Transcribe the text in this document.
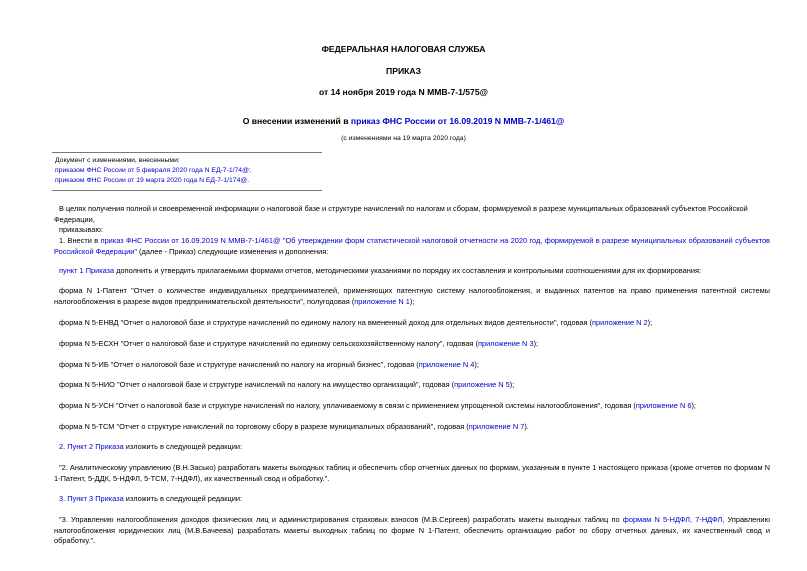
ФЕДЕРАЛЬНАЯ НАЛОГОВАЯ СЛУЖБА
ПРИКАЗ
от 14 ноября 2019 года N ММВ-7-1/575@
О внесении изменений в приказ ФНС России от 16.09.2019 N ММВ-7-1/461@
(с изменениями на 19 марта 2020 года)
Документ с изменениями, внесенными:
приказом ФНС России от 5 февраля 2020 года N ЕД-7-1/74@;
приказом ФНС России от 19 марта 2020 года N ЕД-7-1/174@.
В целях получения полной и своевременной информации о налоговой базе и структуре начислений по налогам и сборам, формируемой в разрезе муниципальных образований субъектов Российской Федерации,
приказываю:
1. Внести в приказ ФНС России от 16.09.2019 N ММВ-7-1/461@ "Об утверждении форм статистической налоговой отчетности на 2020 год, формируемой в разрезе муниципальных образований субъектов Российской Федерации" (далее - Приказ) следующие изменения и дополнения:
пункт 1 Приказа дополнить и утвердить прилагаемыми формами отчетов, методическими указаниями по порядку их составления и контрольными соотношениями для их формирования:
форма N 1-Патент "Отчет о количестве индивидуальных предпринимателей, применяющих патентную систему налогообложения, и выданных патентов на право применения патентной системы налогообложения в разрезе видов предпринимательской деятельности", полугодовая (приложение N 1);
форма N 5-ЕНВД "Отчет о налоговой базе и структуре начислений по единому налогу на вмененный доход для отдельных видов деятельности", годовая (приложение N 2);
форма N 5-ЕСХН "Отчет о налоговой базе и структуре начислений по единому сельскохозяйственному налогу", годовая (приложение N 3);
форма N 5-ИБ "Отчет о налоговой базе и структуре начислений по налогу на игорный бизнес", годовая (приложение N 4);
форма N 5-НИО "Отчет о налоговой базе и структуре начислений по налогу на имущество организаций", годовая (приложение N 5);
форма N 5-УСН "Отчет о налоговой базе и структуре начислений по налогу, уплачиваемому в связи с применением упрощенной системы налогообложения", годовая (приложение N 6);
форма N 5-ТСМ "Отчет о структуре начислений по торговому сбору в разрезе муниципальных образований", годовая (приложение N 7).
2. Пункт 2 Приказа изложить в следующей редакции:
"2. Аналитическому управлению (В.Н.Засько) разработать макеты выходных таблиц и обеспечить сбор отчетных данных по формам, указанным в пункте 1 настоящего приказа (кроме отчетов по формам N 1-Патент, 5-ДДК, 5-НДФЛ, 5-ТСМ, 7-НДФЛ), их качественный свод и обработку.".
3. Пункт 3 Приказа изложить в следующей редакции:
"3. Управлению налогообложения доходов физических лиц и администрирования страховых взносов (М.В.Сергеев) разработать макеты выходных таблиц по формам N 5-НДФЛ, 7-НДФЛ, Управлению налогообложения юридических лиц (М.В.Бачеева) разработать макеты выходных таблиц по форме N 1-Патент, обеспечить организацию работ по сбору отчетных данных, их качественный свод и обработку.".
